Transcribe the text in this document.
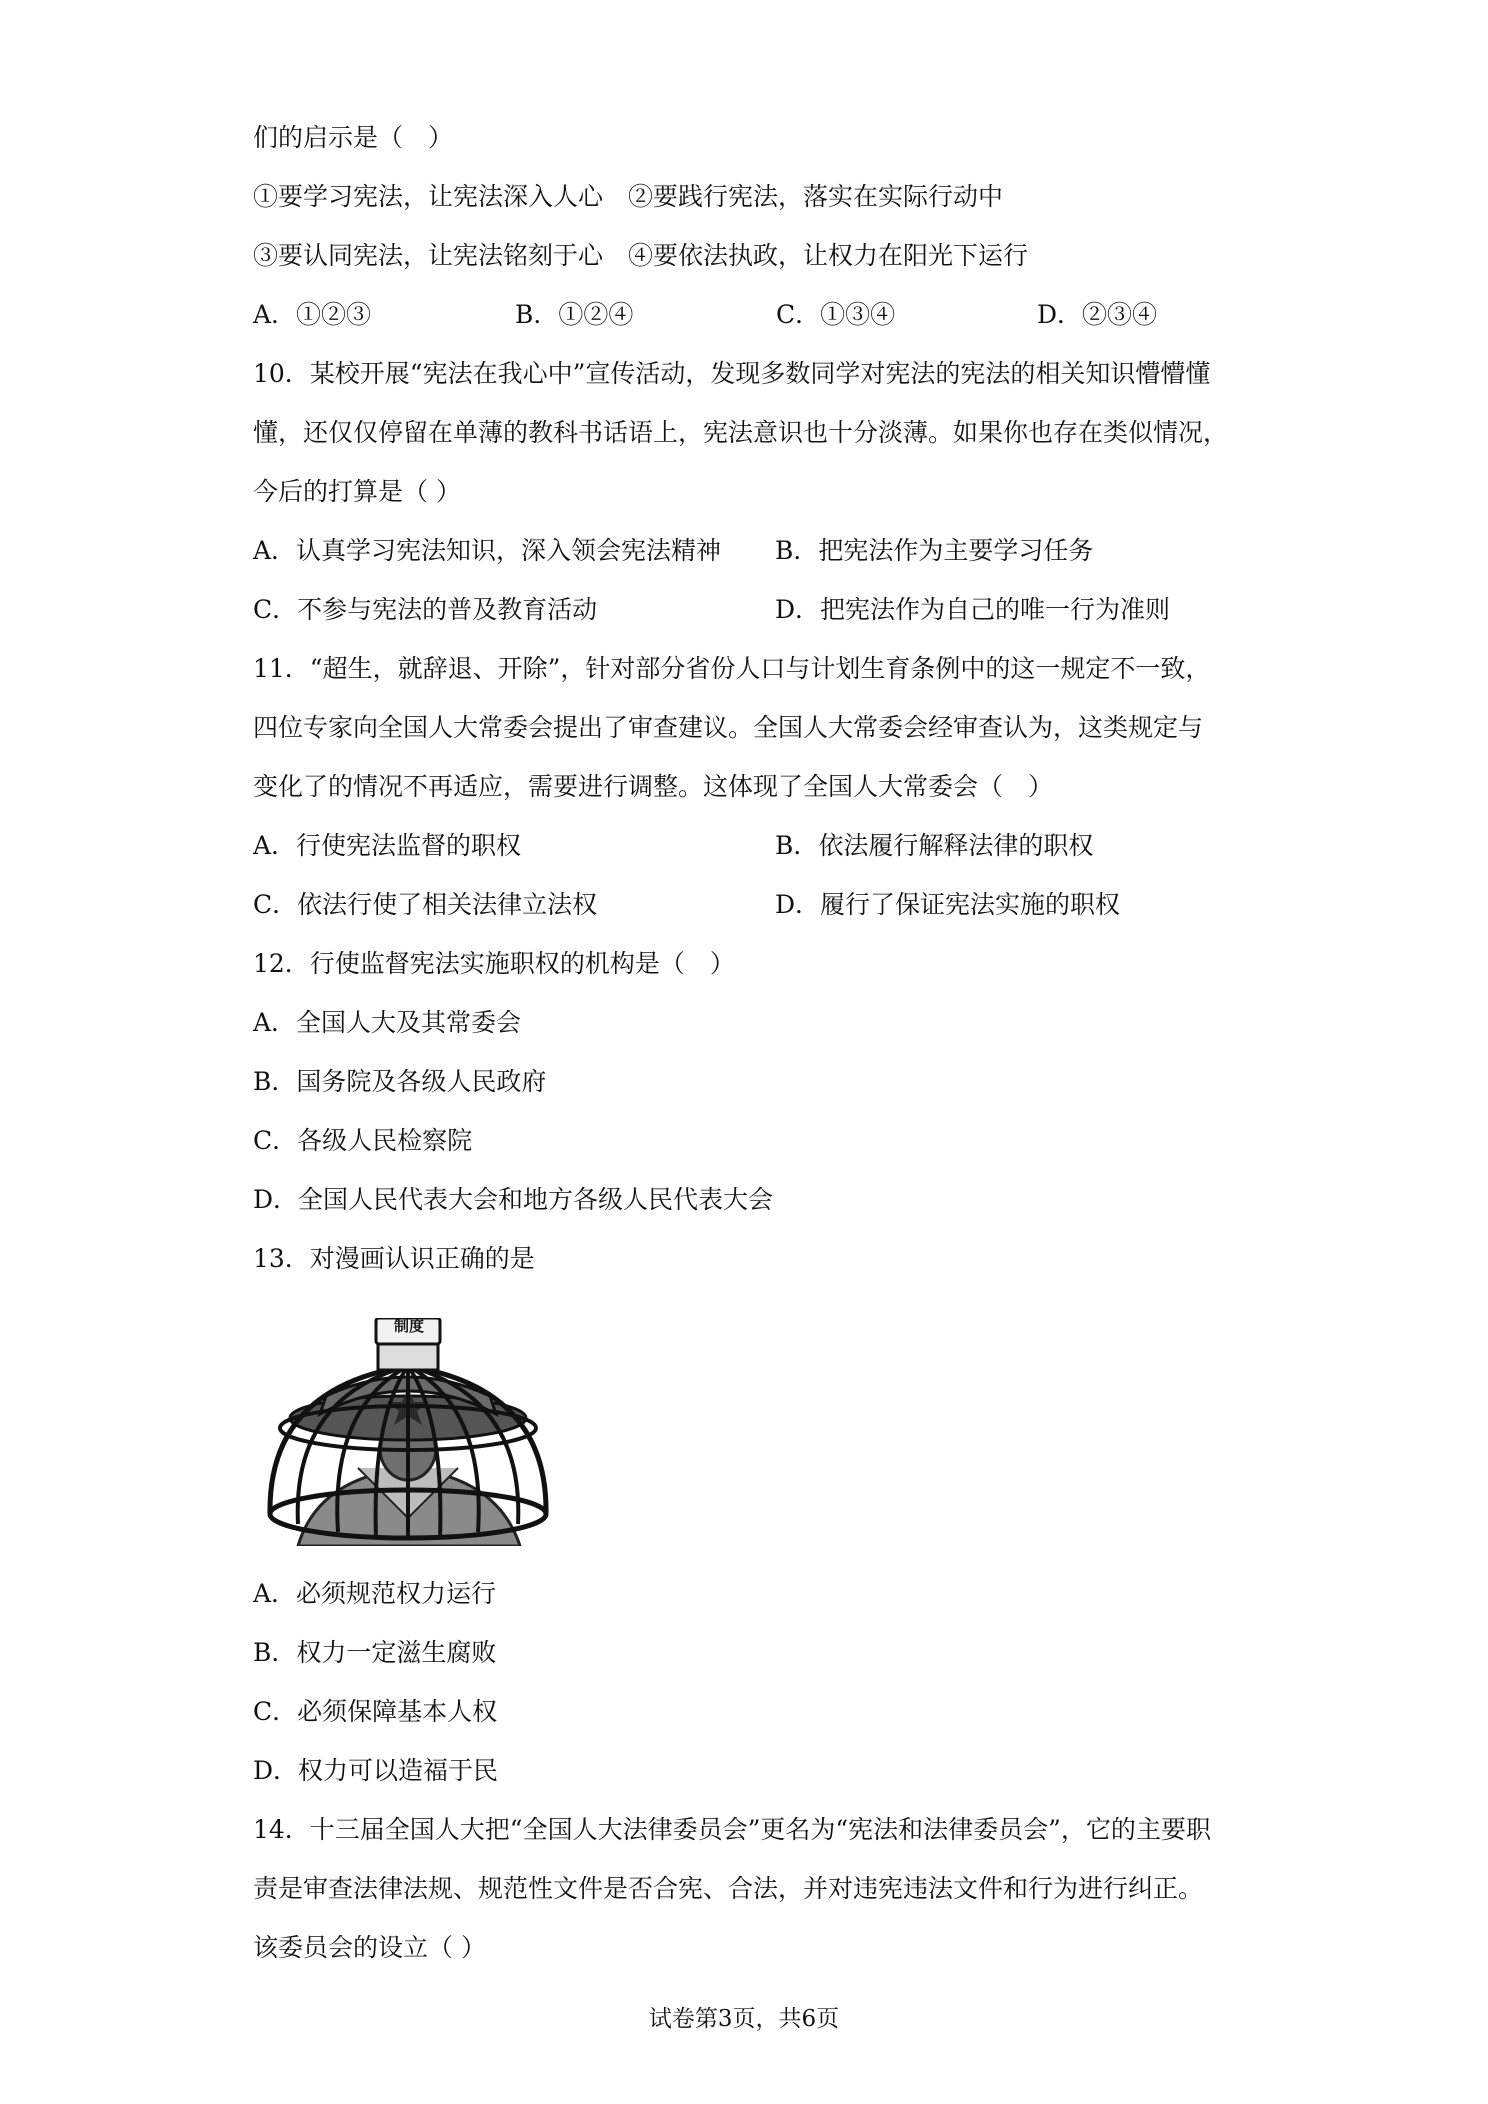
们的启示是（　）
①要学习宪法，让宪法深入人心　②要践行宪法，落实在实际行动中
③要认同宪法，让宪法铭刻于心　④要依法执政，让权力在阳光下运行
A．①②③	B．①②④	C．①③④	D．②③④
10．某校开展“宪法在我心中”宣传活动，发现多数同学对宪法的宪法的相关知识懵懵懂
懂，还仅仅停留在单薄的教科书话语上，宪法意识也十分淡薄。如果你也存在类似情况，
今后的打算是（ ）
A．认真学习宪法知识，深入领会宪法精神 B．把宪法作为主要学习任务
C．不参与宪法的普及教育活动	D．把宪法作为自己的唯一行为准则
11．“超生，就辞退、开除”，针对部分省份人口与计划生育条例中的这一规定不一致，
四位专家向全国人大常委会提出了审查建议。全国人大常委会经审查认为，这类规定与
变化了的情况不再适应，需要进行调整。这体现了全国人大常委会（　）
A．行使宪法监督的职权	B．依法履行解释法律的职权
C．依法行使了相关法律立法权	D．履行了保证宪法实施的职权
12．行使监督宪法实施职权的机构是（　）
A．全国人大及其常委会
B．国务院及各级人民政府
C．各级人民检察院
D．全国人民代表大会和地方各级人民代表大会
13．对漫画认识正确的是
制度
A．必须规范权力运行
B．权力一定滋生腐败
C．必须保障基本人权
D．权力可以造福于民
14．十三届全国人大把“全国人大法律委员会”更名为“宪法和法律委员会”，它的主要职
责是审查法律法规、规范性文件是否合宪、合法，并对违宪违法文件和行为进行纠正。
该委员会的设立（ ）
试卷第3页，共6页
